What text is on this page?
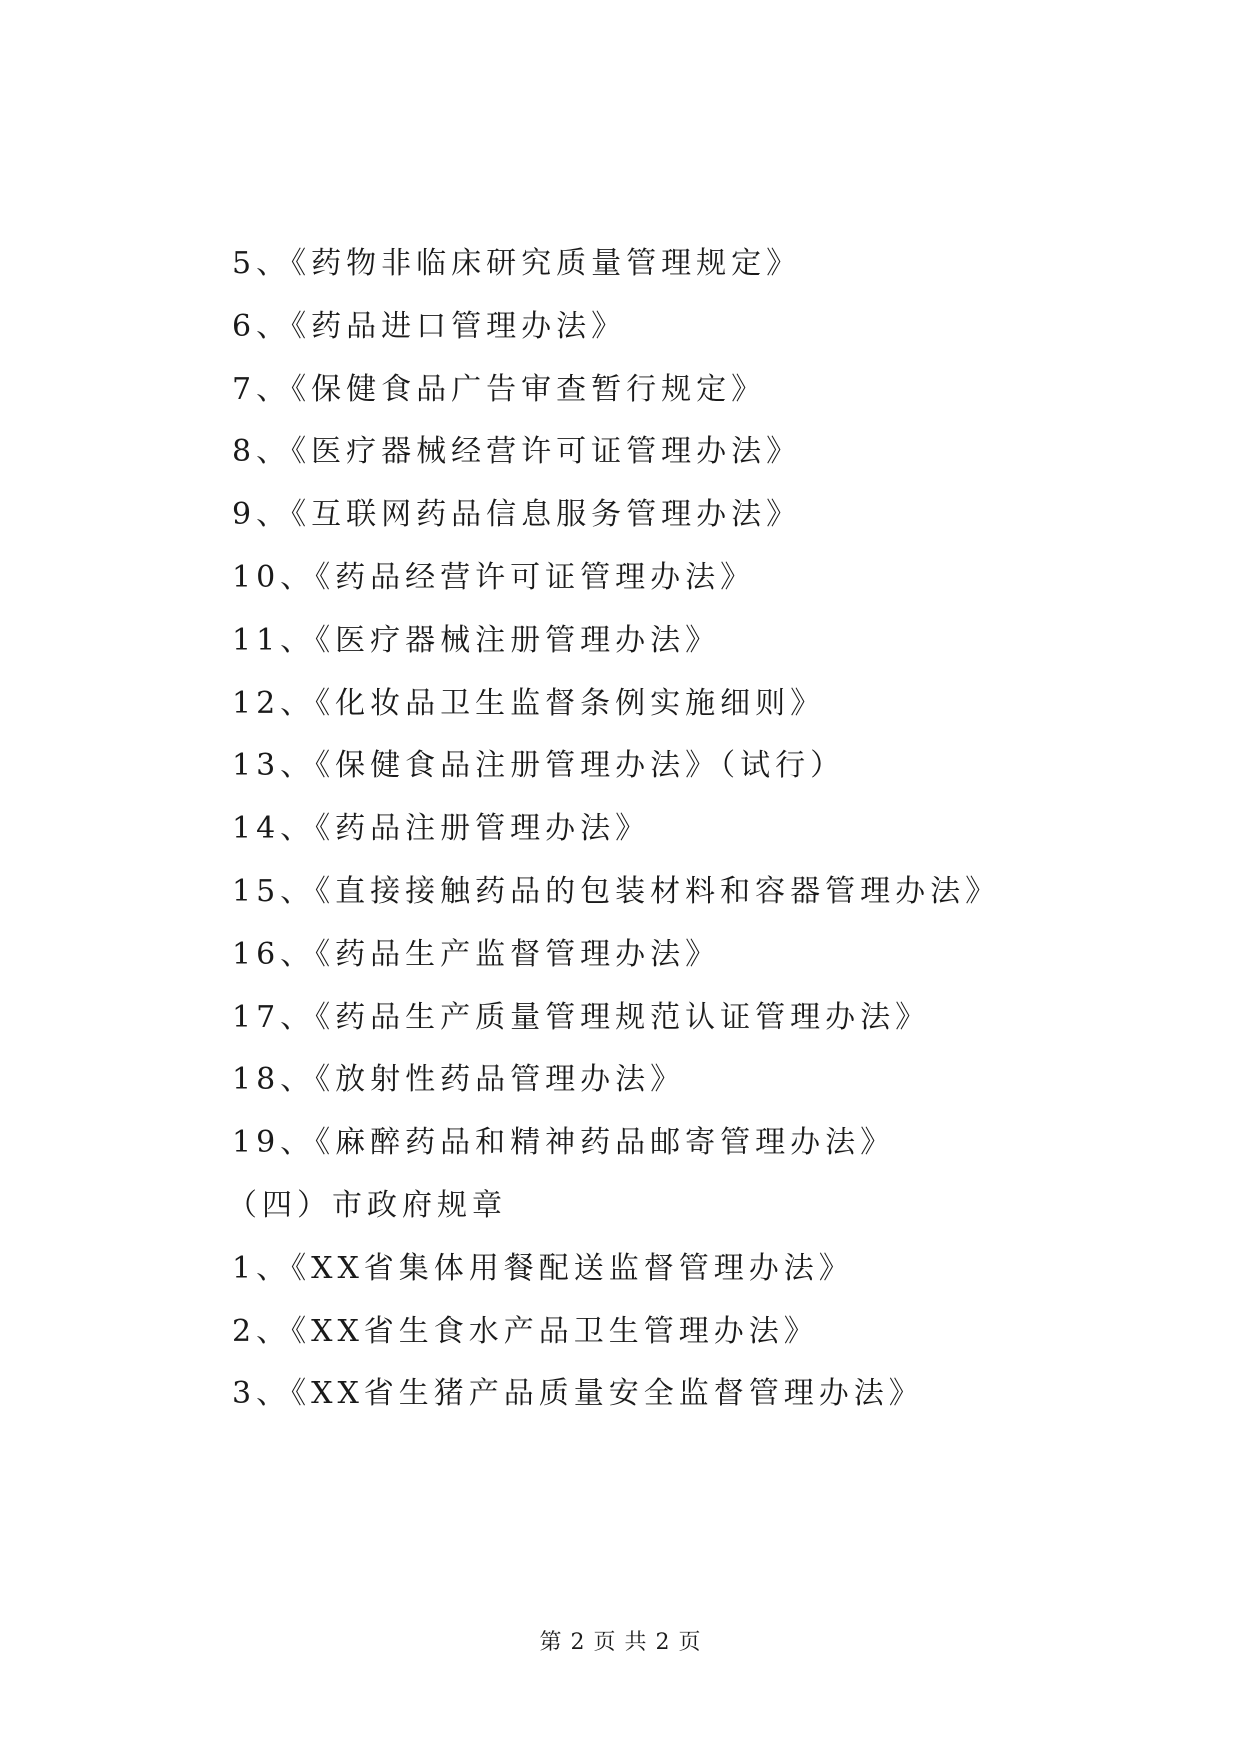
5、《药物非临床研究质量管理规定》
6、《药品进口管理办法》
7、《保健食品广告审查暂行规定》
8、《医疗器械经营许可证管理办法》
9、《互联网药品信息服务管理办法》
10、《药品经营许可证管理办法》
11、《医疗器械注册管理办法》
12、《化妆品卫生监督条例实施细则》
13、《保健食品注册管理办法》（试行）
14、《药品注册管理办法》
15、《直接接触药品的包装材料和容器管理办法》
16、《药品生产监督管理办法》
17、《药品生产质量管理规范认证管理办法》
18、《放射性药品管理办法》
19、《麻醉药品和精神药品邮寄管理办法》
（四）市政府规章
1、《XX省集体用餐配送监督管理办法》
2、《XX省生食水产品卫生管理办法》
3、《XX省生猪产品质量安全监督管理办法》
第 2 页 共 2 页
